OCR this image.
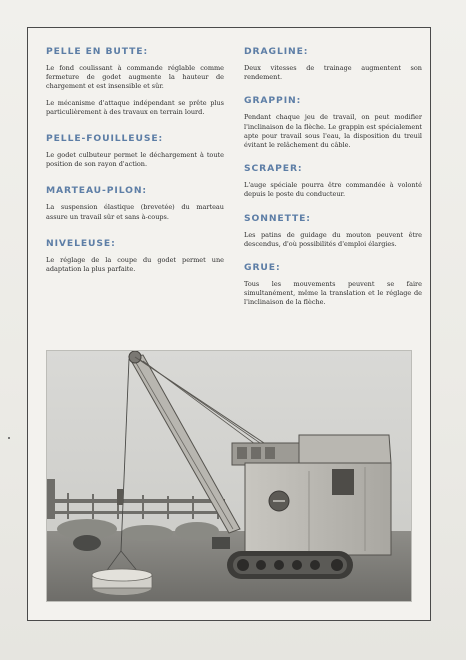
PELLE EN BUTTE:

Le fond coulissant à commande réglable comme fermeture de godet augmente la hauteur de chargement et est insensible et sûr.

Le mécanisme d'attaque indépendant se prête plus particulièrement à des travaux en terrain lourd.

PELLE-FOUILLEUSE:

Le godet culbuteur permet le déchargement à toute position de son rayon d'action.

MARTEAU-PILON:

La suspension élastique (brevetée) du marteau assure un travail sûr et sans à-coups.

NIVELEUSE:

Le réglage de la coupe du godet permet une adaptation la plus parfaite.

DRAGLINE:

Deux vitesses de trainage augmentent son rendement.

GRAPPIN:

Pendant chaque jeu de travail, on peut modifier l'inclinaison de la flèche. Le grappin est spécialement apte pour travail sous l'eau, la disposition du treuil évitant le relâchement du câble.

SCRAPER:

L'auge spéciale pourra être commandée à volonté depuis le poste du conducteur.

SONNETTE:

Les patins de guidage du mouton peuvent être descendus, d'où possibilités d'emploi élargies.

GRUE:

Tous les mouvements peuvent se faire simultanément, même la translation et le réglage de l'inclinaison de la flèche.
